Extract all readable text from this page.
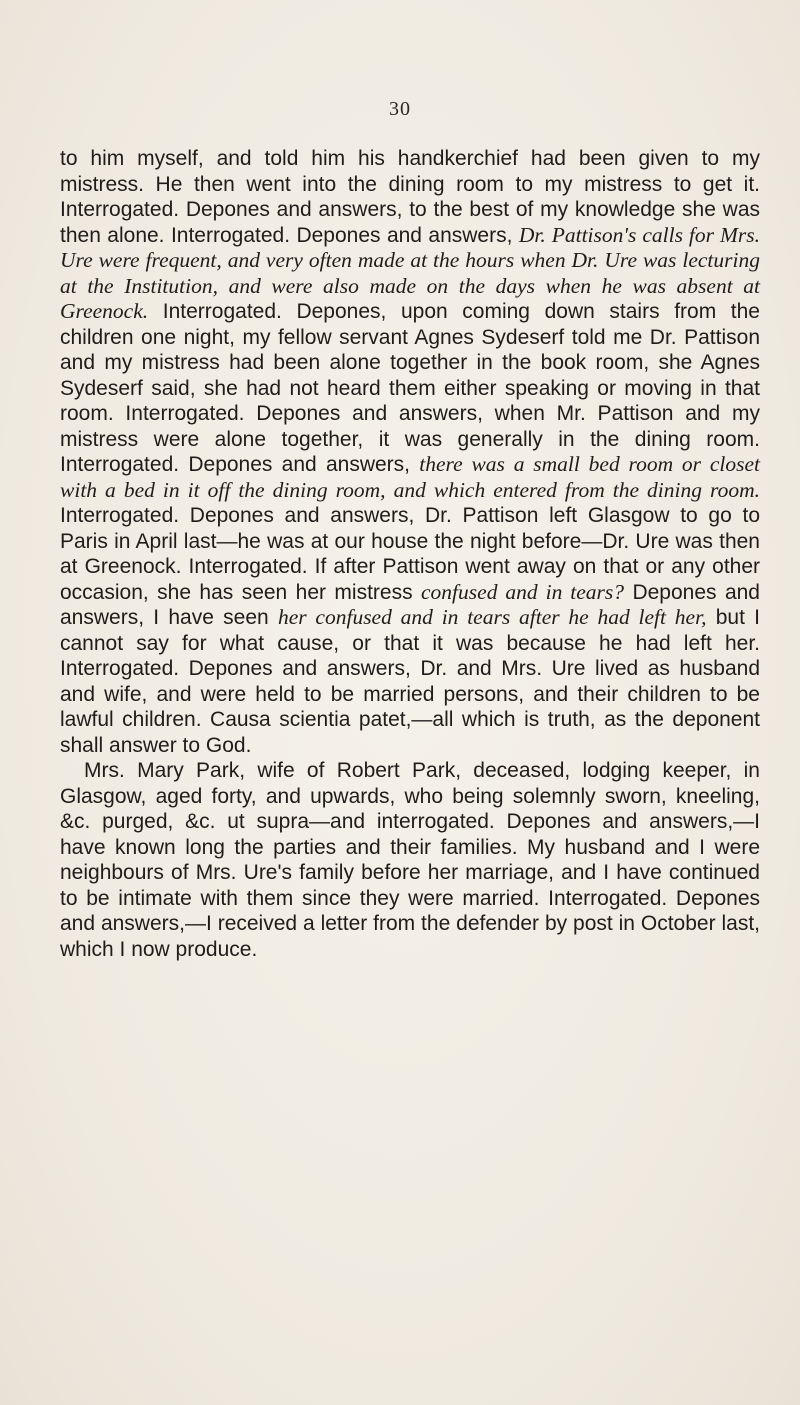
30

to him myself, and told him his handkerchief had been given to my mistress. He then went into the dining room to my mistress to get it. Interrogated. Depones and answers, to the best of my knowledge she was then alone. Interrogated. Depones and answers, Dr. Pattison's calls for Mrs. Ure were frequent, and very often made at the hours when Dr. Ure was lecturing at the Institution, and were also made on the days when he was absent at Greenock. Interrogated. Depones, upon coming down stairs from the children one night, my fellow servant Agnes Sydeserf told me Dr. Pattison and my mistress had been alone together in the book room, she Agnes Sydeserf said, she had not heard them either speaking or moving in that room. Interrogated. Depones and answers, when Mr. Pattison and my mistress were alone together, it was generally in the dining room. Interrogated. Depones and answers, there was a small bed room or closet with a bed in it off the dining room, and which entered from the dining room. Interrogated. Depones and answers, Dr. Pattison left Glasgow to go to Paris in April last—he was at our house the night before—Dr. Ure was then at Greenock. Interrogated. If after Pattison went away on that or any other occasion, she has seen her mistress confused and in tears? Depones and answers, I have seen her confused and in tears after he had left her, but I cannot say for what cause, or that it was because he had left her. Interrogated. Depones and answers, Dr. and Mrs. Ure lived as husband and wife, and were held to be married persons, and their children to be lawful children. Causa scientia patet,—all which is truth, as the deponent shall answer to God.

Mrs. Mary Park, wife of Robert Park, deceased, lodging keeper, in Glasgow, aged forty, and upwards, who being solemnly sworn, kneeling, &c. purged, &c. ut supra—and interrogated. Depones and answers,—I have known long the parties and their families. My husband and I were neighbours of Mrs. Ure's family before her marriage, and I have continued to be intimate with them since they were married. Interrogated. Depones and answers,—I received a letter from the defender by post in October last, which I now produce.
